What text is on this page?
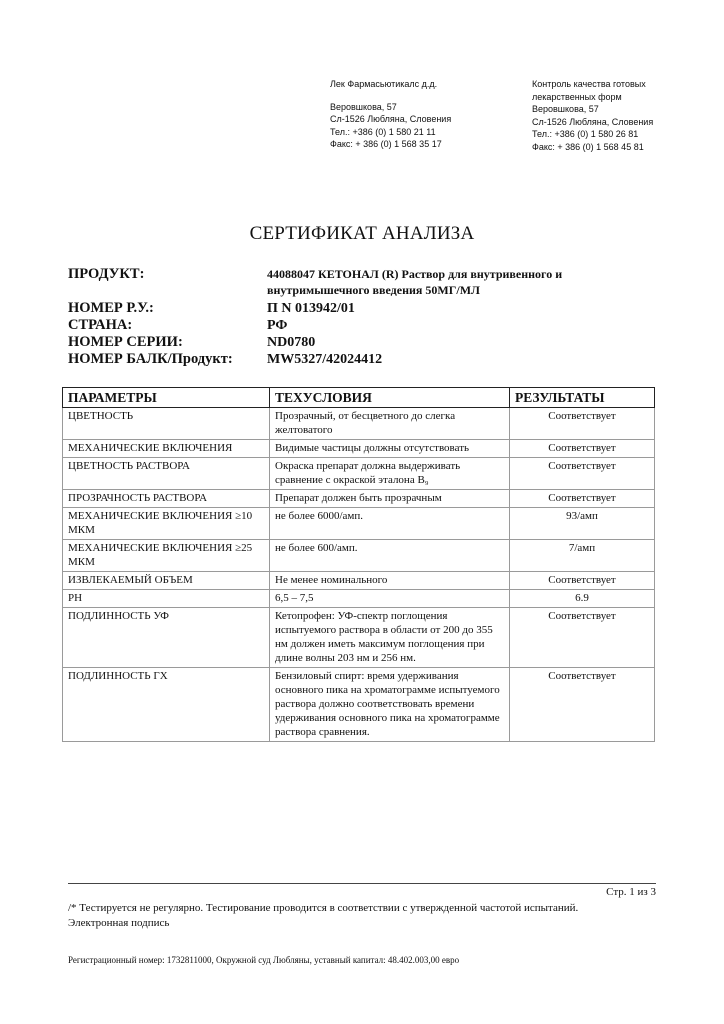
Лек Фармасьютикалс д.д.
Веровшкова, 57
Сл-1526 Любляна, Словения
Тел.: +386 (0) 1 580 21 11
Факс: + 386 (0) 1 568 35 17
Контроль качества готовых
лекарственных форм
Веровшкова, 57
Сл-1526 Любляна, Словения
Тел.: +386 (0) 1 580 26 81
Факс: + 386 (0) 1 568 45 81
СЕРТИФИКАТ АНАЛИЗА
ПРОДУКТ:	44088047 КЕТОНАЛ (R) Раствор для внутривенного и внутримышечного введения 50МГ/МЛ
НОМЕР Р.У.:	П N 013942/01
СТРАНА:	РФ
НОМЕР СЕРИИ:	ND0780
НОМЕР БАЛК/Продукт:	MW5327/42024412
ПАРАМЕТРЫ	ТЕХУСЛОВИЯ	РЕЗУЛЬТАТЫ
ЦВЕТНОСТЬ	Прозрачный, от бесцветного до слегка желтоватого	Соответствует
МЕХАНИЧЕСКИЕ ВКЛЮЧЕНИЯ	Видимые частицы должны отсутствовать	Соответствует
ЦВЕТНОСТЬ РАСТВОРА	Окраска препарат должна выдерживать сравнение с окраской эталона B₉	Соответствует
ПРОЗРАЧНОСТЬ РАСТВОРА	Препарат должен быть прозрачным	Соответствует
МЕХАНИЧЕСКИЕ ВКЛЮЧЕНИЯ ≥10 МКМ	не более 6000/амп.	93/амп
МЕХАНИЧЕСКИЕ ВКЛЮЧЕНИЯ ≥25 МКМ	не более 600/амп.	7/амп
ИЗВЛЕКАЕМЫЙ ОБЪЕМ	Не менее номинального	Соответствует
PH	6,5 – 7,5	6.9
ПОДЛИННОСТЬ УФ	Кетопрофен: УФ-спектр поглощения испытуемого раствора в области от 200 до 355 нм должен иметь максимум поглощения при длине волны 203 нм и 256 нм.	Соответствует
ПОДЛИННОСТЬ ГХ	Бензиловый спирт: время удерживания основного пика на хроматограмме испытуемого раствора должно соответствовать времени удерживания основного пика на хроматограмме раствора сравнения.	Соответствует
Стр. 1 из 3
/* Тестируется не регулярно. Тестирование проводится в соответствии с утвержденной частотой испытаний.
Электронная подпись
Регистрационный номер: 1732811000, Окружной суд Любляны, уставный капитал: 48.402.003,00 евро
